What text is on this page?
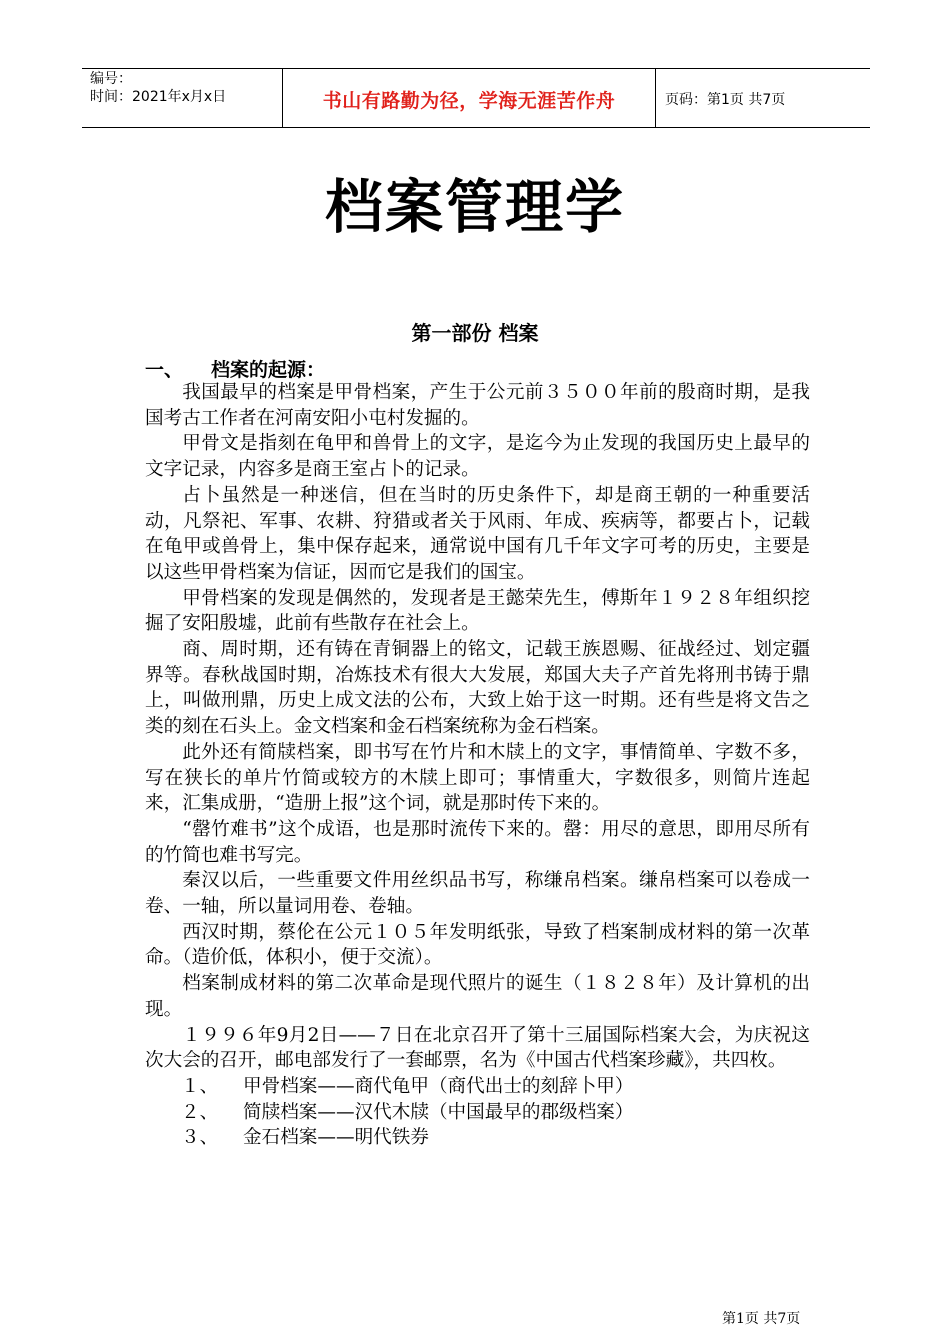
编号：
时间：2021年x月x日	书山有路勤为径，学海无涯苦作舟	页码：第1页 共7页
档案管理学
第一部份 档案
一、 档案的起源：

我国最早的档案是甲骨档案，产生于公元前３５００年前的殷商时期，是我国考古工作者在河南安阳小屯村发掘的。

甲骨文是指刻在龟甲和兽骨上的文字，是迄今为止发现的我国历史上最早的文字记录，内容多是商王室占卜的记录。

占卜虽然是一种迷信，但在当时的历史条件下，却是商王朝的一种重要活动，凡祭祀、军事、农耕、狩猎或者关于风雨、年成、疾病等，都要占卜，记载在龟甲或兽骨上，集中保存起来，通常说中国有几千年文字可考的历史，主要是以这些甲骨档案为信证，因而它是我们的国宝。

甲骨档案的发现是偶然的，发现者是王懿荣先生，傅斯年１９２８年组织挖掘了安阳殷墟，此前有些散存在社会上。

商、周时期，还有铸在青铜器上的铭文，记载王族恩赐、征战经过、划定疆界等。春秋战国时期，冶炼技术有很大大发展，郑国大夫子产首先将刑书铸于鼎上，叫做刑鼎，历史上成文法的公布，大致上始于这一时期。还有些是将文告之类的刻在石头上。金文档案和金石档案统称为金石档案。

此外还有简牍档案，即书写在竹片和木牍上的文字，事情简单、字数不多，写在狭长的单片竹简或较方的木牍上即可；事情重大，字数很多，则简片连起来，汇集成册，“造册上报”这个词，就是那时传下来的。

“罄竹难书”这个成语，也是那时流传下来的。罄：用尽的意思，即用尽所有的竹简也难书写完。

秦汉以后，一些重要文件用丝织品书写，称缣帛档案。缣帛档案可以卷成一卷、一轴，所以量词用卷、卷轴。

西汉时期，蔡伦在公元１０５年发明纸张，导致了档案制成材料的第一次革命。（造价低，体积小，便于交流）。

档案制成材料的第二次革命是现代照片的诞生（１８２８年）及计算机的出现。

１９９６年9月2日——７日在北京召开了第十三届国际档案大会，为庆祝这次大会的召开，邮电部发行了一套邮票，名为《中国古代档案珍藏》，共四枚。

１、 甲骨档案——商代龟甲（商代出士的刻辞卜甲）
２、 简牍档案——汉代木牍（中国最早的郡级档案）
３、 金石档案——明代铁券
第1页 共7页
